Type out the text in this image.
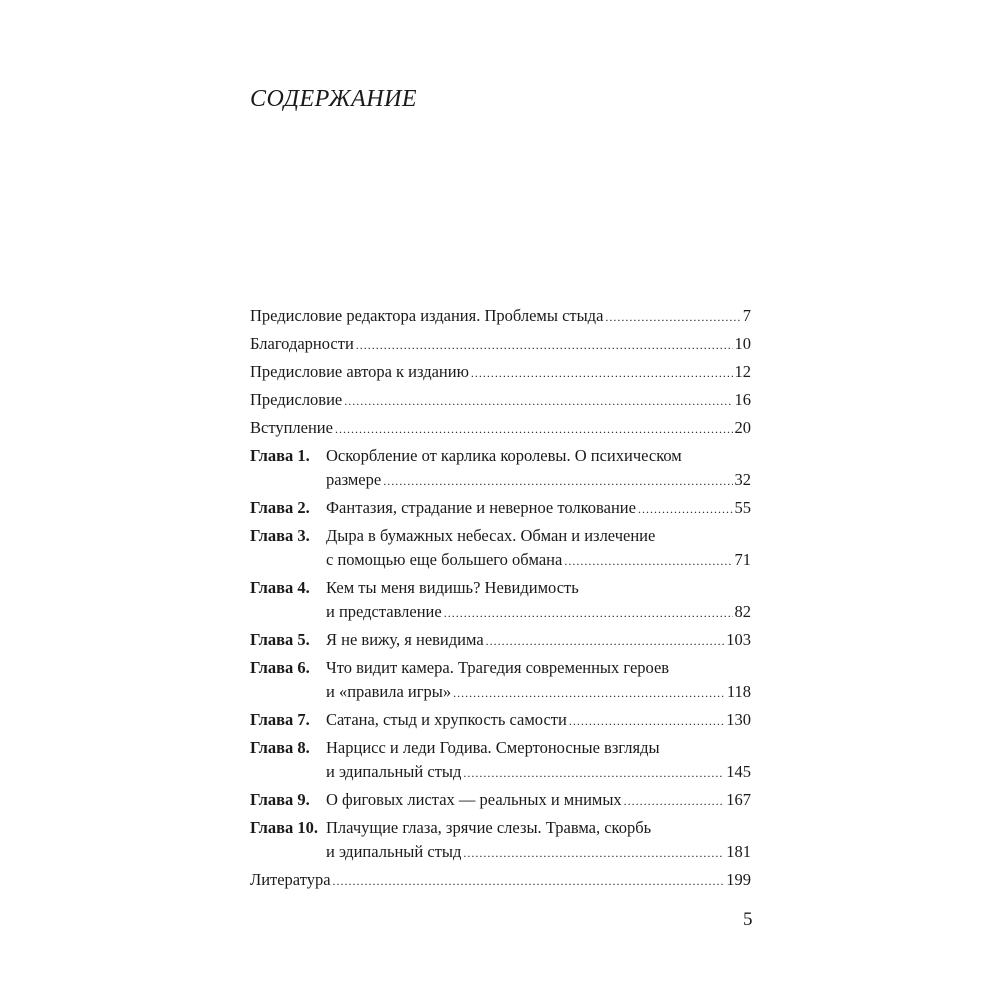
СОДЕРЖАНИЕ
Предисловие редактора издания. Проблемы стыда .....	7
Благодарности .....	10
Предисловие автора к изданию .....	12
Предисловие .....	16
Вступление .....	20
Глава 1. Оскорбление от карлика королевы. О психическом
размере .....	32
Глава 2. Фантазия, страдание и неверное толкование .....	55
Глава 3. Дыра в бумажных небесах. Обман и излечение
с помощью еще большего обмана .....	71
Глава 4. Кем ты меня видишь? Невидимость
и представление .....	82
Глава 5. Я не вижу, я невидима .....	103
Глава 6. Что видит камера. Трагедия современных героев
и «правила игры» .....	118
Глава 7. Сатана, стыд и хрупкость самости .....	130
Глава 8. Нарцисс и леди Годива. Смертоносные взгляды
и эдипальный стыд .....	145
Глава 9. О фиговых листах — реальных и мнимых .....	167
Глава 10. Плачущие глаза, зрячие слезы. Травма, скорбь
и эдипальный стыд .....	181
Литература .....	199
5
